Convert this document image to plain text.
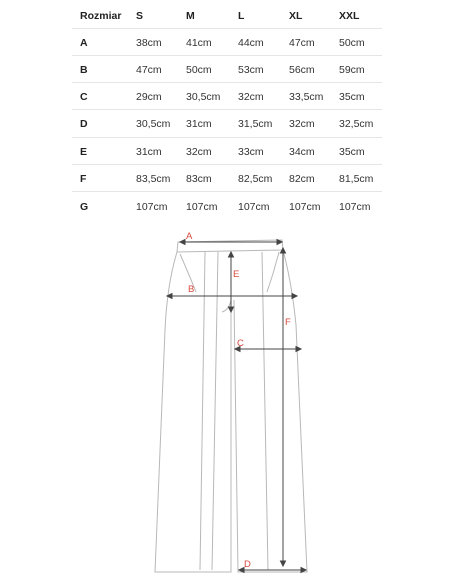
Rozmiar S	M	L	XL	XXL
A	38cm 41cm	44cm 47cm 50cm
B	47cm 50cm	53cm 56cm 59cm
C	29cm 30,5cm 32cm 33,5cm 35cm
D	30,5cm 31cm	31,5cm 32cm 32,5cm
E	31cm 32cm	33cm 34cm 35cm
F	83,5cm 83cm	82,5cm 82cm 81,5cm
G	107cm 107cm 107cm 107cm 107cm
A
B
C
D
E
F
